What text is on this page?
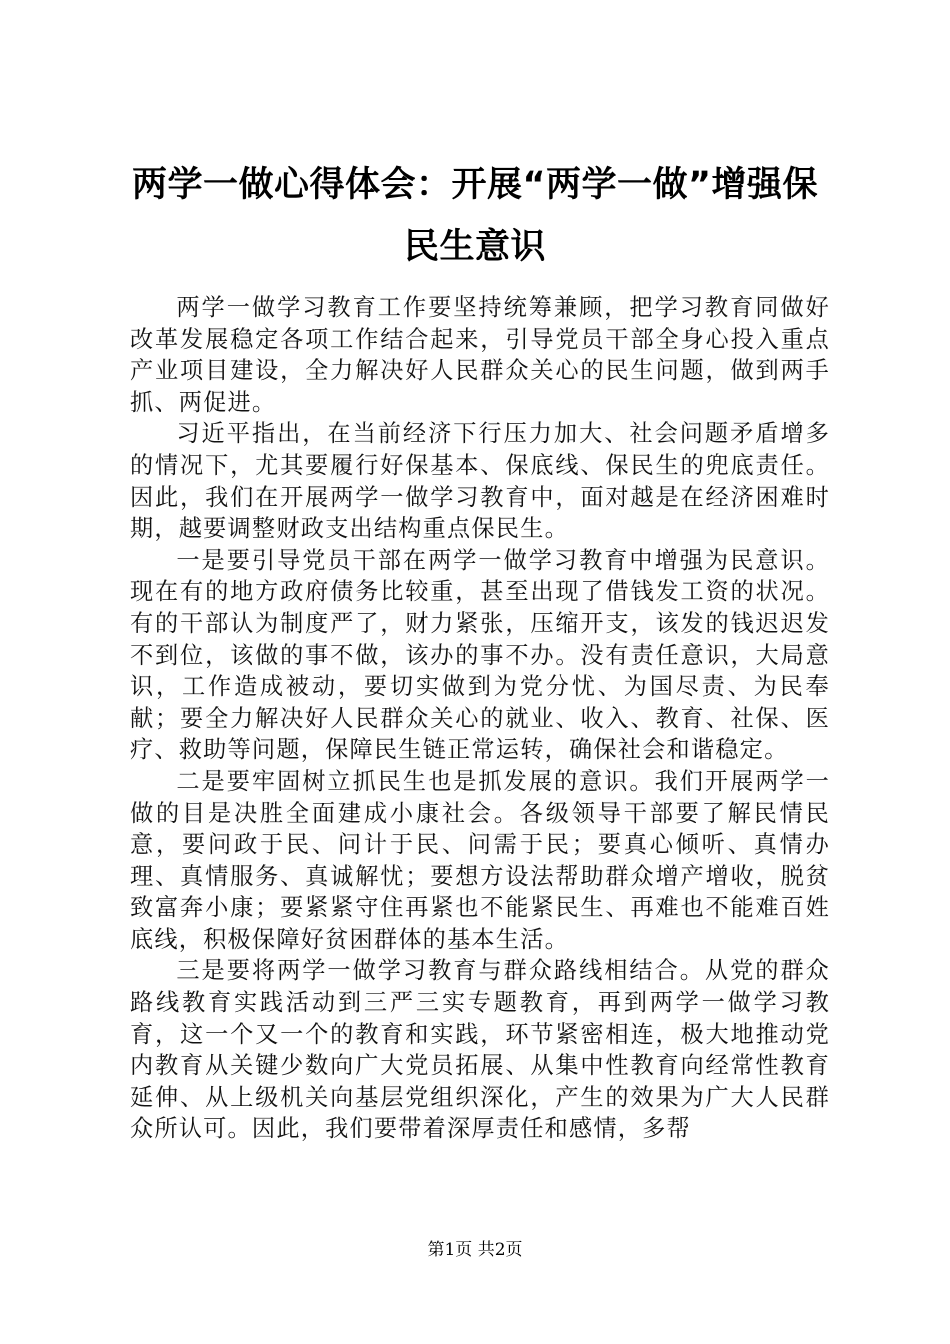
两学一做心得体会：开展“两学一做”增强保民生意识

两学一做学习教育工作要坚持统筹兼顾，把学习教育同做好改革发展稳定各项工作结合起来，引导党员干部全身心投入重点产业项目建设，全力解决好人民群众关心的民生问题，做到两手抓、两促进。

习近平指出，在当前经济下行压力加大、社会问题矛盾增多的情况下，尤其要履行好保基本、保底线、保民生的兜底责任。因此，我们在开展两学一做学习教育中，面对越是在经济困难时期，越要调整财政支出结构重点保民生。

一是要引导党员干部在两学一做学习教育中增强为民意识。现在有的地方政府债务比较重，甚至出现了借钱发工资的状况。有的干部认为制度严了，财力紧张，压缩开支，该发的钱迟迟发不到位，该做的事不做，该办的事不办。没有责任意识，大局意识，工作造成被动，要切实做到为党分忧、为国尽责、为民奉献；要全力解决好人民群众关心的就业、收入、教育、社保、医疗、救助等问题，保障民生链正常运转，确保社会和谐稳定。

二是要牢固树立抓民生也是抓发展的意识。我们开展两学一做的目是决胜全面建成小康社会。各级领导干部要了解民情民意，要问政于民、问计于民、问需于民；要真心倾听、真情办理、真情服务、真诚解忧；要想方设法帮助群众增产增收，脱贫致富奔小康；要紧紧守住再紧也不能紧民生、再难也不能难百姓底线，积极保障好贫困群体的基本生活。

三是要将两学一做学习教育与群众路线相结合。从党的群众路线教育实践活动到三严三实专题教育，再到两学一做学习教育，这一个又一个的教育和实践，环节紧密相连，极大地推动党内教育从关键少数向广大党员拓展、从集中性教育向经常性教育延伸、从上级机关向基层党组织深化，产生的效果为广大人民群众所认可。因此，我们要带着深厚责任和感情，多帮

第1页 共2页
